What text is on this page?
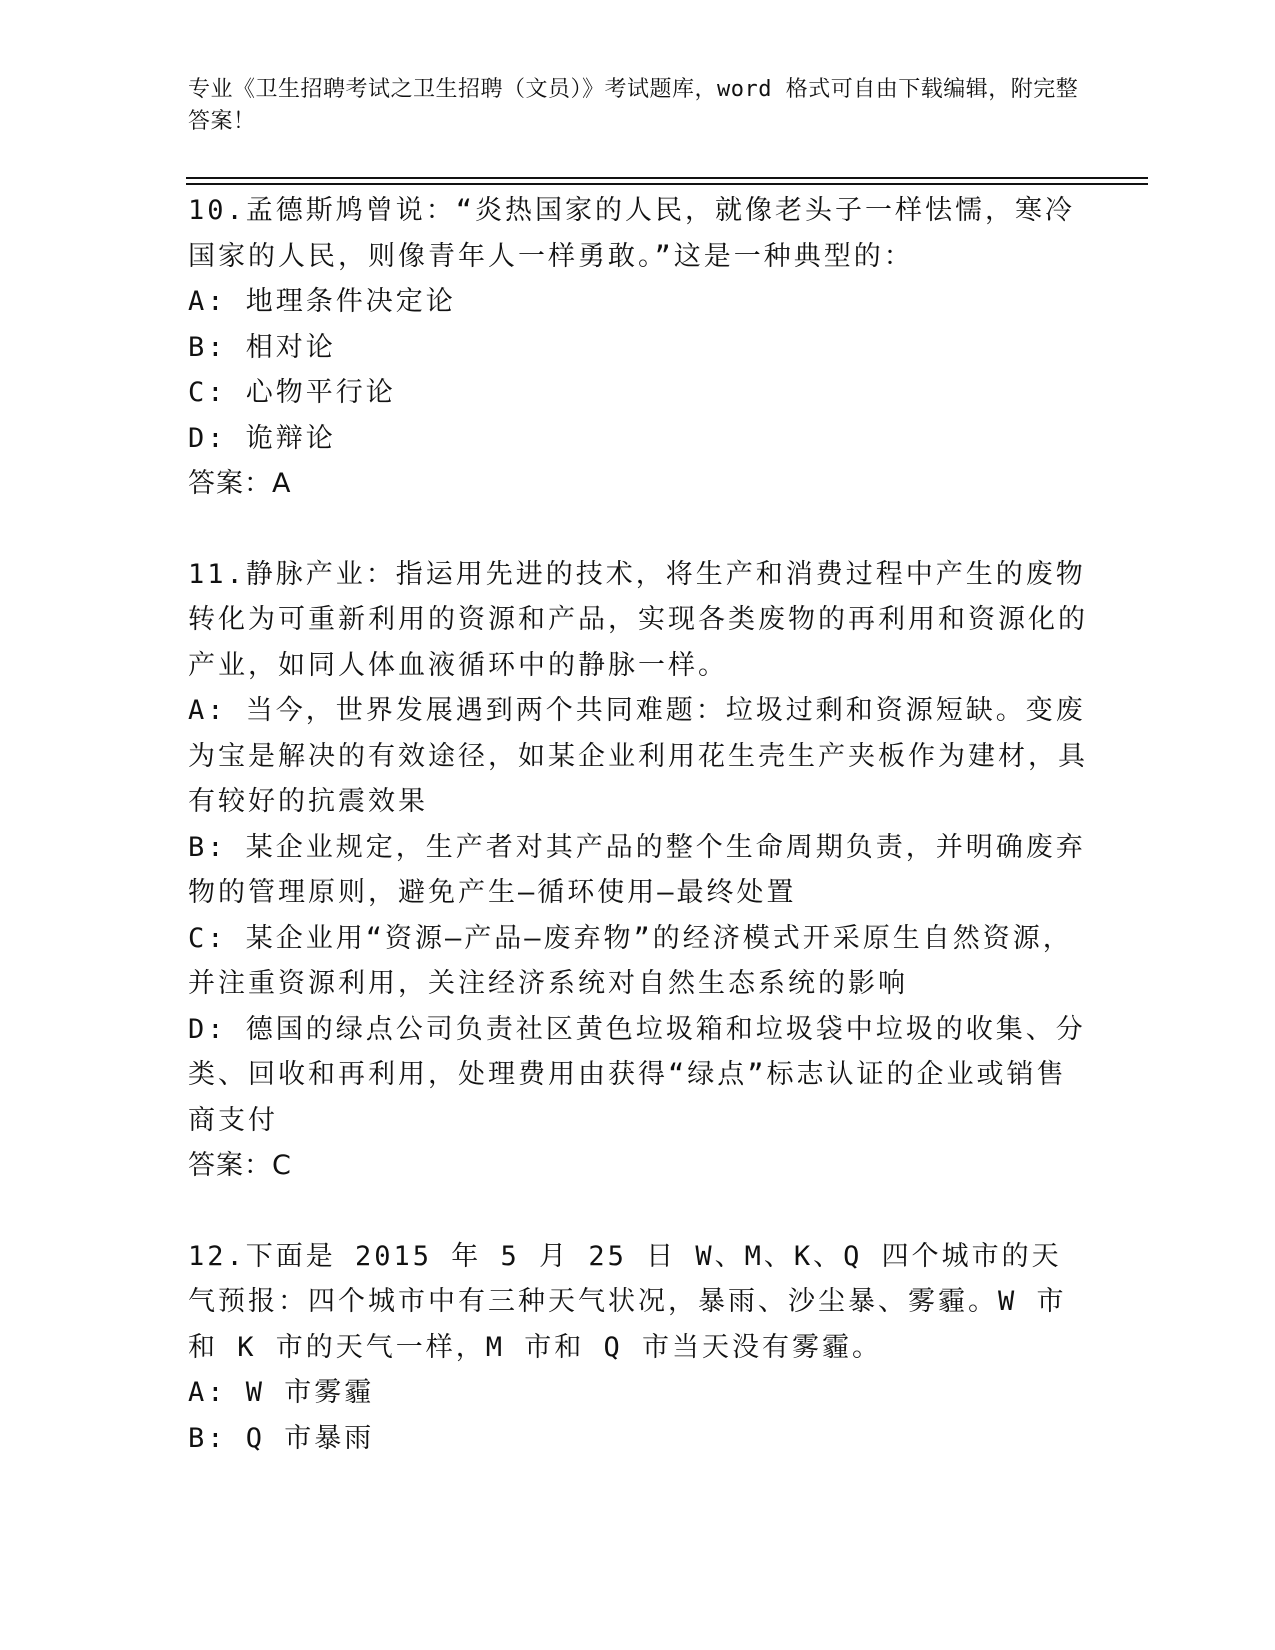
专业《卫生招聘考试之卫生招聘（文员）》考试题库，word 格式可自由下载编辑，附完整答案！

10.孟德斯鸠曾说：“炎热国家的人民，就像老头子一样怯懦，寒冷国家的人民，则像青年人一样勇敢。”这是一种典型的：

A: 地理条件决定论

B: 相对论

C: 心物平行论

D: 诡辩论

答案：A

11.静脉产业：指运用先进的技术，将生产和消费过程中产生的废物转化为可重新利用的资源和产品，实现各类废物的再利用和资源化的产业，如同人体血液循环中的静脉一样。

A: 当今，世界发展遇到两个共同难题：垃圾过剩和资源短缺。变废为宝是解决的有效途径，如某企业利用花生壳生产夹板作为建材，具有较好的抗震效果

B: 某企业规定，生产者对其产品的整个生命周期负责，并明确废弃物的管理原则，避免产生—循环使用—最终处置

C: 某企业用“资源—产品—废弃物”的经济模式开采原生自然资源，并注重资源利用，关注经济系统对自然生态系统的影响

D: 德国的绿点公司负责社区黄色垃圾箱和垃圾袋中垃圾的收集、分类、回收和再利用，处理费用由获得“绿点”标志认证的企业或销售商支付

答案：C

12.下面是 2015 年 5 月 25 日 W、M、K、Q 四个城市的天气预报：四个城市中有三种天气状况，暴雨、沙尘暴、雾霾。W 市和 K 市的天气一样，M 市和 Q 市当天没有雾霾。

A: W 市雾霾

B: Q 市暴雨
